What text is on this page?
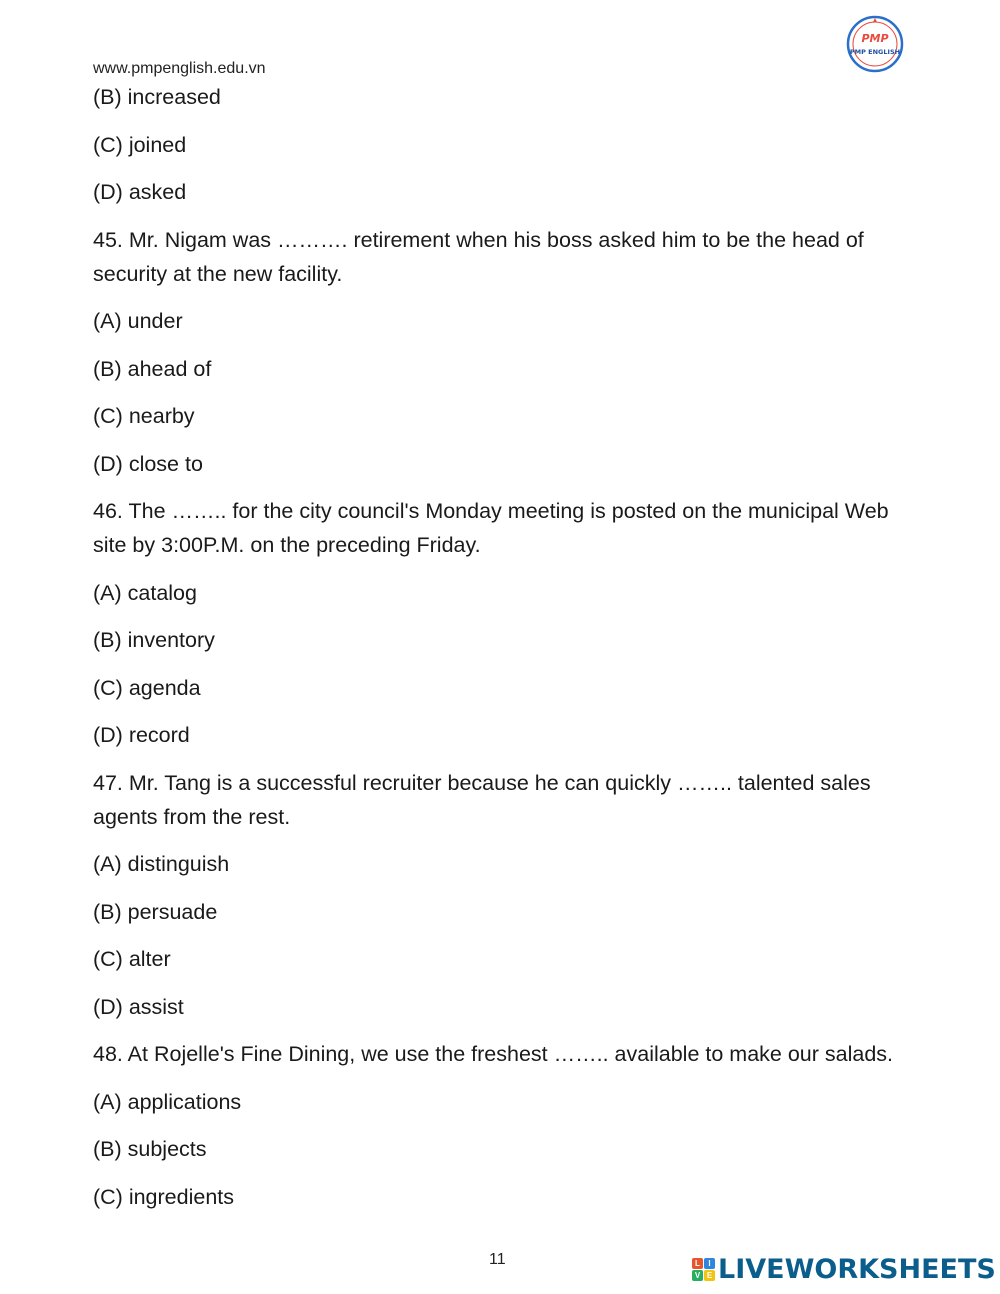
www.pmpenglish.edu.vn
PMP
PMP ENGLISH
(B) increased
(C) joined
(D) asked
45. Mr. Nigam was ………. retirement when his boss asked him to be the head of security at the new facility.
(A) under
(B) ahead of
(C) nearby
(D) close to
46. The …….. for the city council's Monday meeting is posted on the municipal Web site by 3:00P.M. on the preceding Friday.
(A) catalog
(B) inventory
(C) agenda
(D) record
47. Mr. Tang is a successful recruiter because he can quickly …….. talented sales agents from the rest.
(A) distinguish
(B) persuade
(C) alter
(D) assist
48. At Rojelle's Fine Dining, we use the freshest …….. available to make our salads.
(A) applications
(B) subjects
(C) ingredients
11	L	I
V E LIVEWORKSHEETS
